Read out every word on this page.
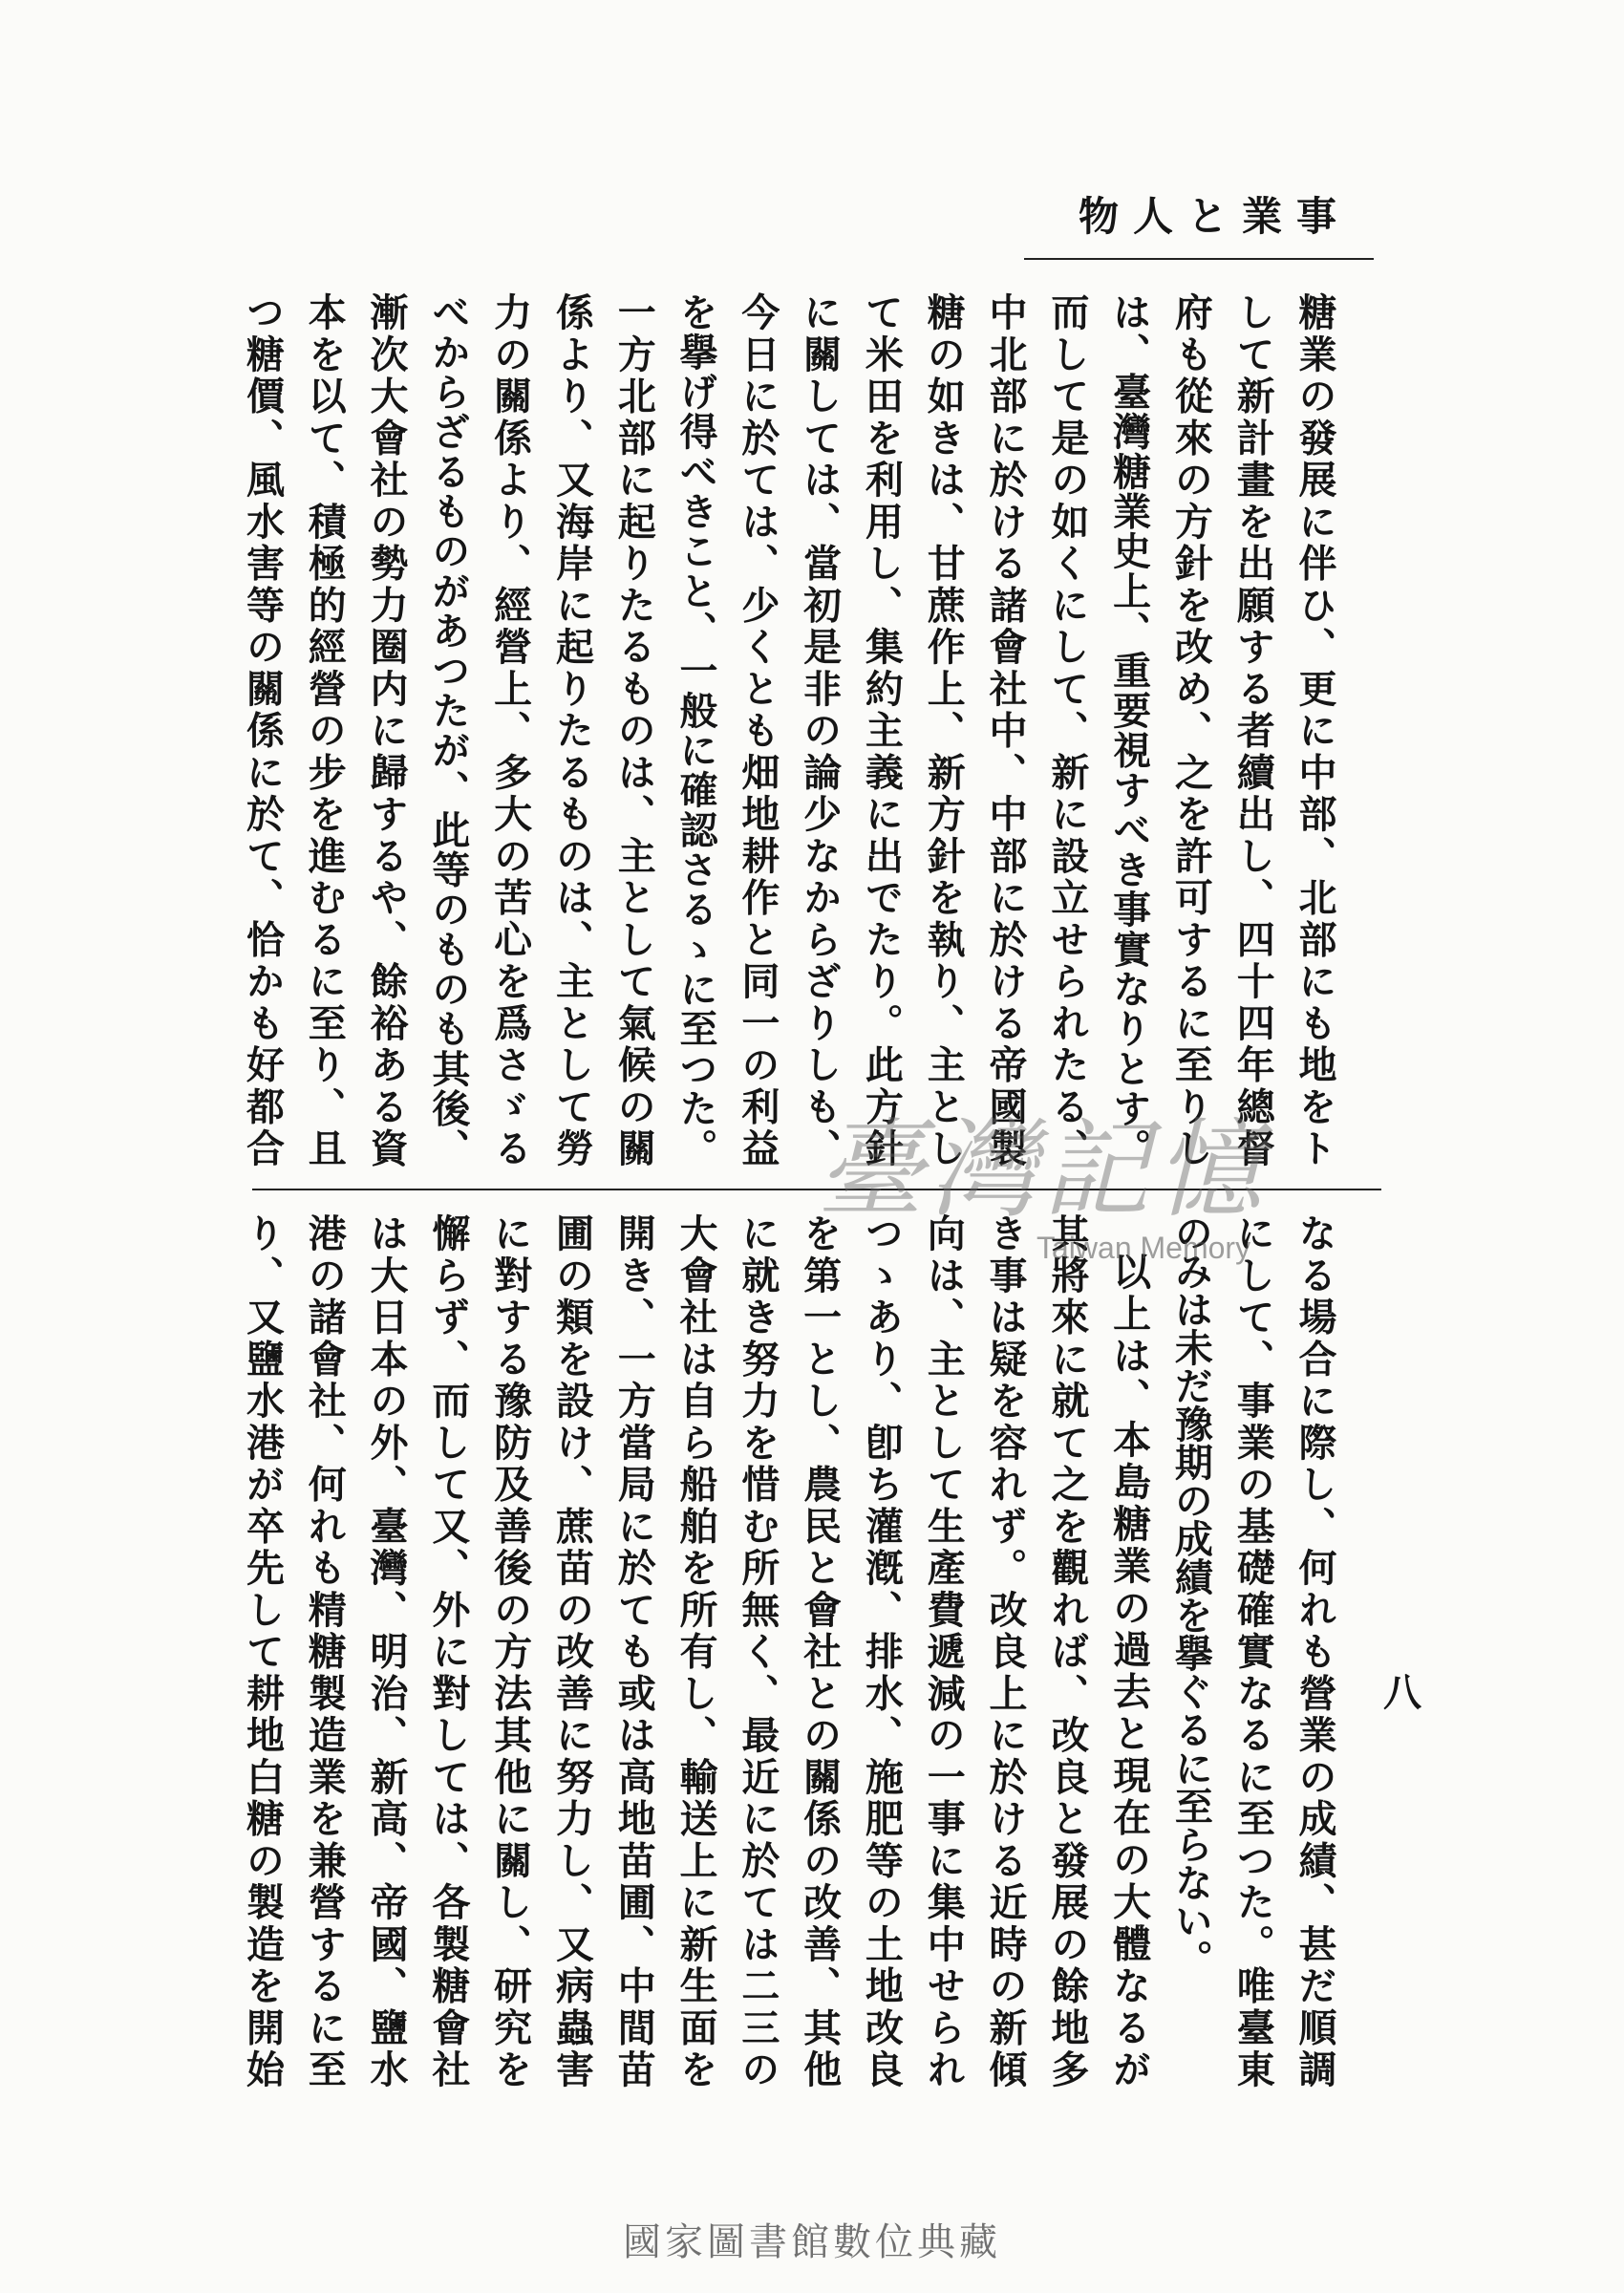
事業と人物
糖業の發展に伴ひ、更に中部、北部にも地をト
して新計畫を出願する者續出し、四十四年總督
府も從來の方針を改め、之を許可するに至りし
は、臺灣糖業史上、重要視すべき事實なりとす。
而して是の如くにして、新に設立せられたる、
中北部に於ける諸會社中、中部に於ける帝國製
糖の如きは、甘蔗作上、新方針を執り、主とし
て米田を利用し、集約主義に出でたり。此方針
に關しては、當初是非の論少なからざりしも、
今日に於ては、少くとも畑地耕作と同一の利益
を擧げ得べきこと、一般に確認さるゝに至つた。
一方北部に起りたるものは、主として氣候の關
係より、又海岸に起りたるものは、主として勞
力の關係より、經營上、多大の苦心を爲さゞる
べからざるものがあつたが、此等のものも其後、
漸次大會社の勢力圈内に歸するや、餘裕ある資
本を以て、積極的經營の步を進むるに至り、且
つ糖價、風水害等の關係に於て、恰かも好都合
なる場合に際し、何れも營業の成績、甚だ順調
にして、事業の基礎確實なるに至つた。唯臺東
のみは未だ豫期の成績を擧ぐるに至らない。
以上は、本島糖業の過去と現在の大體なるが
其將來に就て之を觀れば、改良と發展の餘地多
き事は疑を容れず。改良上に於ける近時の新傾
向は、主として生產費遞減の一事に集中せられ
つゝあり、卽ち灌漑、排水、施肥等の土地改良
を第一とし、農民と會社との關係の改善、其他
に就き努力を惜む所無く、最近に於ては二三の
大會社は自ら船舶を所有し、輸送上に新生面を
開き、一方當局に於ても或は高地苗圃、中間苗
圃の類を設け、蔗苗の改善に努力し、又病蟲害
に對する豫防及善後の方法其他に關し、研究を
懈らず、而して又、外に對しては、各製糖會社
は大日本の外、臺灣、明治、新高、帝國、鹽水
港の諸會社、何れも精糖製造業を兼營するに至
り、又鹽水港が卒先して耕地白糖の製造を開始	八
臺灣記憶
Taiwan Memory
國家圖書館數位典藏
